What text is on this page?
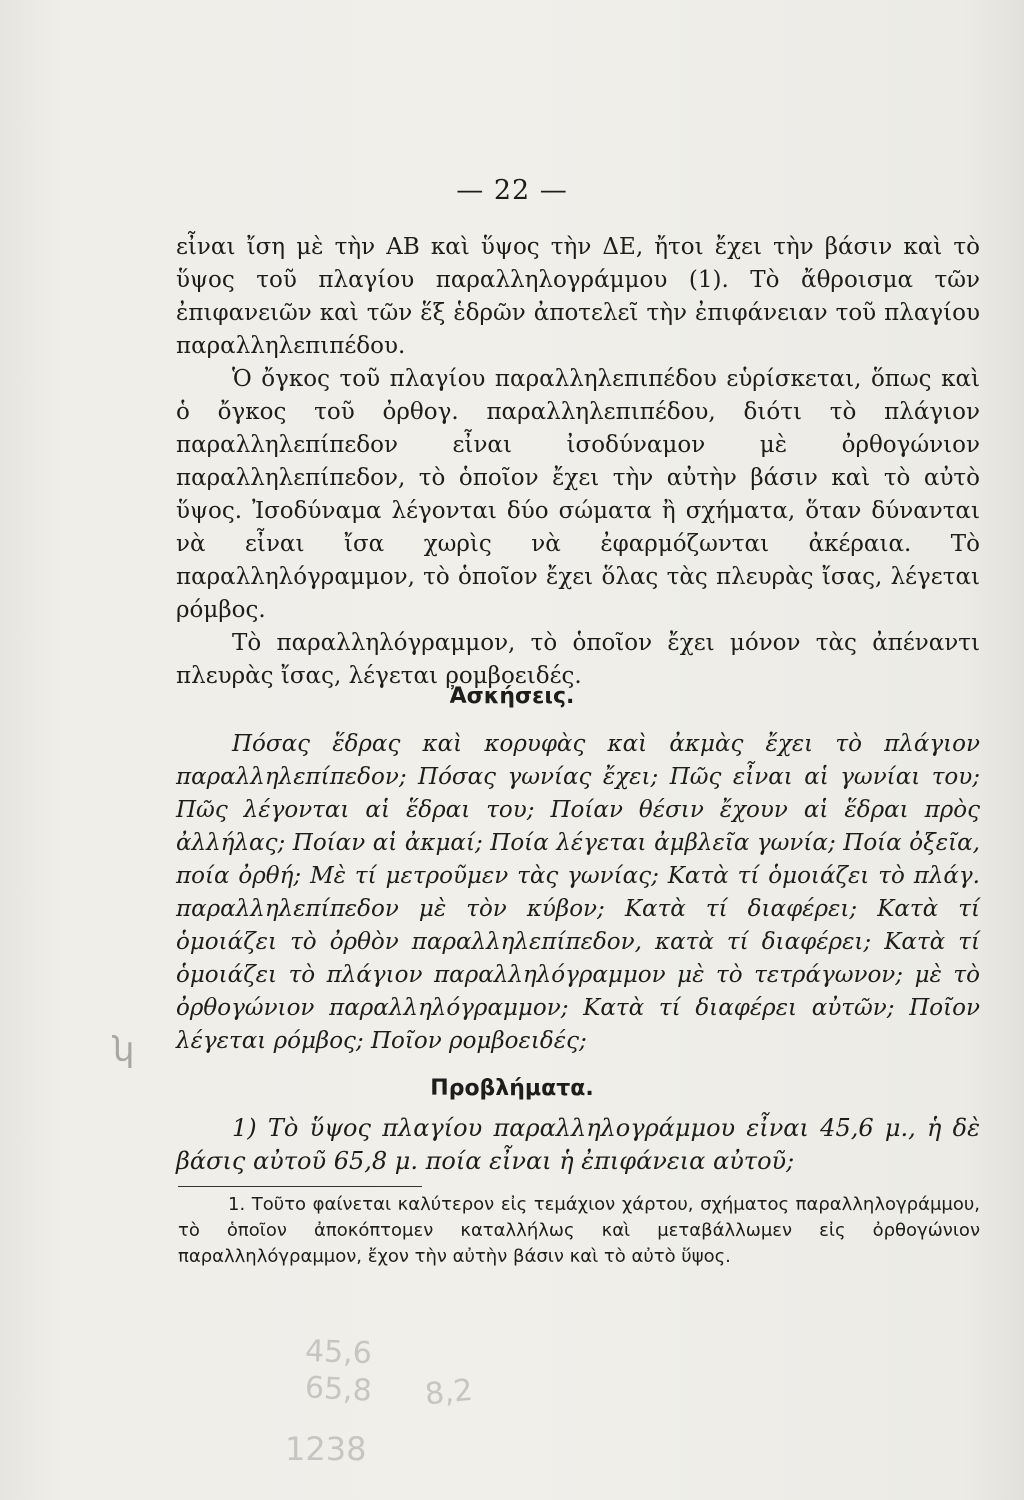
— 22 —

εἶναι ἴση μὲ τὴν ΑΒ καὶ ὕψος τὴν ΔΕ, ἤτοι ἔχει τὴν βάσιν καὶ τὸ ὕψος τοῦ πλαγίου παραλληλογράμμου (1). Τὸ ἄθροισμα τῶν ἐπιφανειῶν καὶ τῶν ἕξ ἑδρῶν ἀποτελεῖ τὴν ἐπιφάνειαν τοῦ πλαγίου παραλληλεπιπέδου.

Ὁ ὄγκος τοῦ πλαγίου παραλληλεπιπέδου εὑρίσκεται, ὅπως καὶ ὁ ὄγκος τοῦ ὀρθογ. παραλληλεπιπέδου, διότι τὸ πλάγιον παραλληλεπίπεδον εἶναι ἰσοδύναμον μὲ ὀρθογώνιον παραλληλεπίπεδον, τὸ ὁποῖον ἔχει τὴν αὐτὴν βάσιν καὶ τὸ αὐτὸ ὕψος. Ἰσοδύναμα λέγονται δύο σώματα ἢ σχήματα, ὅταν δύνανται νὰ εἶναι ἴσα χωρὶς νὰ ἐφαρμόζωνται ἀκέραια. Τὸ παραλληλόγραμμον, τὸ ὁποῖον ἔχει ὅλας τὰς πλευρὰς ἴσας, λέγεται ρόμβος.

Τὸ παραλληλόγραμμον, τὸ ὁποῖον ἔχει μόνον τὰς ἀπέναντι πλευρὰς ἴσας, λέγεται ρομβοειδές.

Ἀσκήσεις.

Πόσας ἕδρας καὶ κορυφὰς καὶ ἀκμὰς ἔχει τὸ πλάγιον παραλληλεπίπεδον; Πόσας γωνίας ἔχει; Πῶς εἶναι αἱ γωνίαι του; Πῶς λέγονται αἱ ἕδραι του; Ποίαν θέσιν ἔχουν αἱ ἕδραι πρὸς ἀλλήλας; Ποίαν αἱ ἀκμαί; Ποία λέγεται ἀμβλεῖα γωνία; Ποία ὀξεῖα, ποία ὀρθή; Μὲ τί μετροῦμεν τὰς γωνίας; Κατὰ τί ὁμοιάζει τὸ πλάγ. παραλληλεπίπεδον μὲ τὸν κύβον; Κατὰ τί διαφέρει; Κατὰ τί ὁμοιάζει τὸ ὀρθὸν παραλληλεπίπεδον, κατὰ τί διαφέρει; Κατὰ τί ὁμοιάζει τὸ πλάγιον παραλληλόγραμμον μὲ τὸ τετράγωνον; μὲ τὸ ὀρθογώνιον παραλληλόγραμμον; Κατὰ τί διαφέρει αὐτῶν; Ποῖον λέγεται ρόμβος; Ποῖον ρομβοειδές;

Προβλήματα.

1) Τὸ ὕψος πλαγίου παραλληλογράμμου εἶναι 45,6 μ., ἡ δὲ βάσις αὐτοῦ 65,8 μ. ποία εἶναι ἡ ἐπιφάνεια αὐτοῦ;

1. Τοῦτο φαίνεται καλύτερον εἰς τεμάχιον χάρτου, σχήματος παραλληλογράμμου, τὸ ὁποῖον ἀποκόπτομεν καταλλήλως καὶ μεταβάλλωμεν εἰς ὀρθογώνιον παραλληλόγραμμον, ἔχον τὴν αὐτὴν βάσιν καὶ τὸ αὐτὸ ὕψος.
ʮ
45,6
65,8 8,2
1238
